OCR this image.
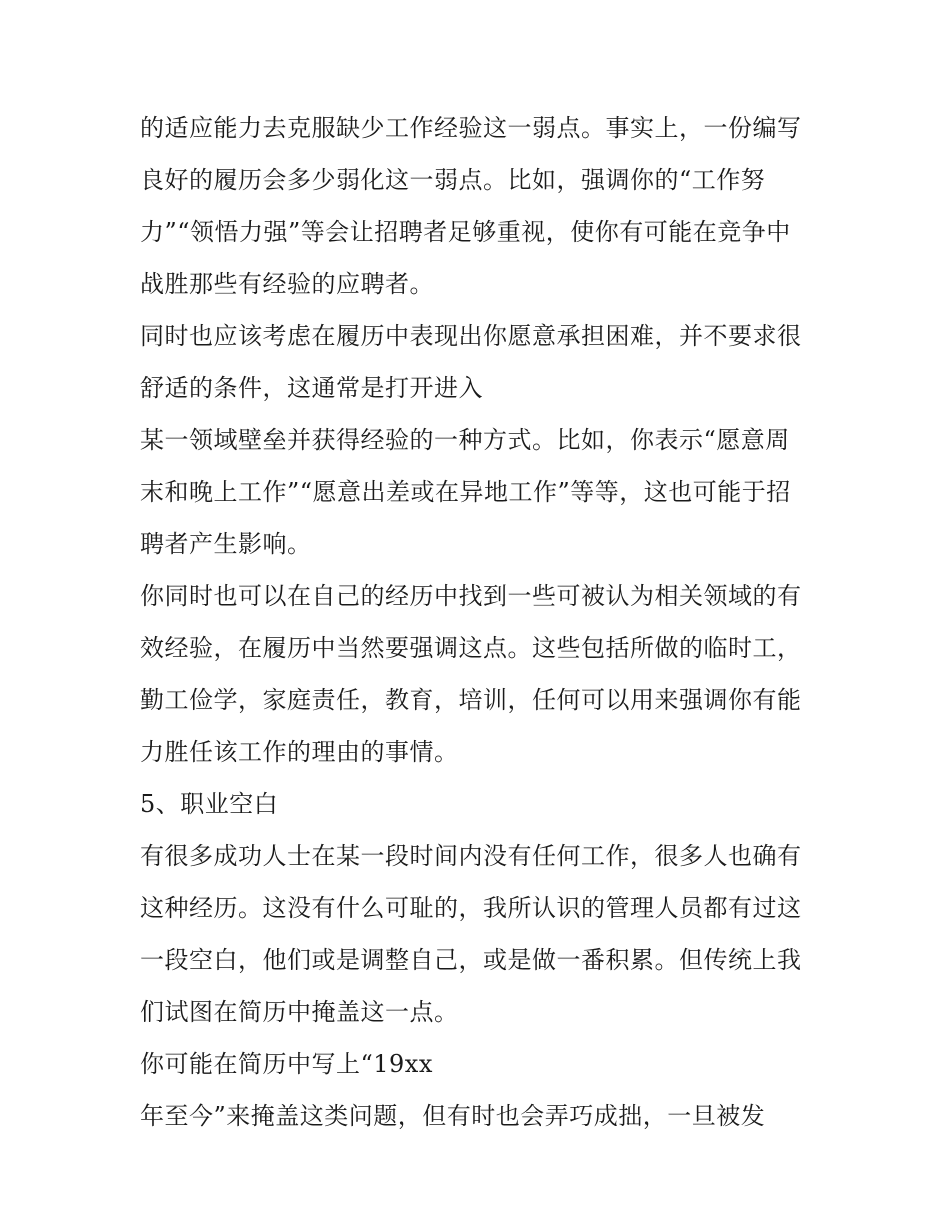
的适应能力去克服缺少工作经验这一弱点。事实上，一份编写
良好的履历会多少弱化这一弱点。比如，强调你的“工作努
力”“领悟力强”等会让招聘者足够重视，使你有可能在竞争中
战胜那些有经验的应聘者。
同时也应该考虑在履历中表现出你愿意承担困难，并不要求很
舒适的条件，这通常是打开进入
某一领域壁垒并获得经验的一种方式。比如，你表示“愿意周
末和晚上工作”“愿意出差或在异地工作”等等，这也可能于招
聘者产生影响。
你同时也可以在自己的经历中找到一些可被认为相关领域的有
效经验，在履历中当然要强调这点。这些包括所做的临时工，
勤工俭学，家庭责任，教育，培训，任何可以用来强调你有能
力胜任该工作的理由的事情。
5、职业空白
有很多成功人士在某一段时间内没有任何工作，很多人也确有
这种经历。这没有什么可耻的，我所认识的管理人员都有过这
一段空白，他们或是调整自己，或是做一番积累。但传统上我
们试图在简历中掩盖这一点。
你可能在简历中写上“19xx
年至今”来掩盖这类问题，但有时也会弄巧成拙，一旦被发
